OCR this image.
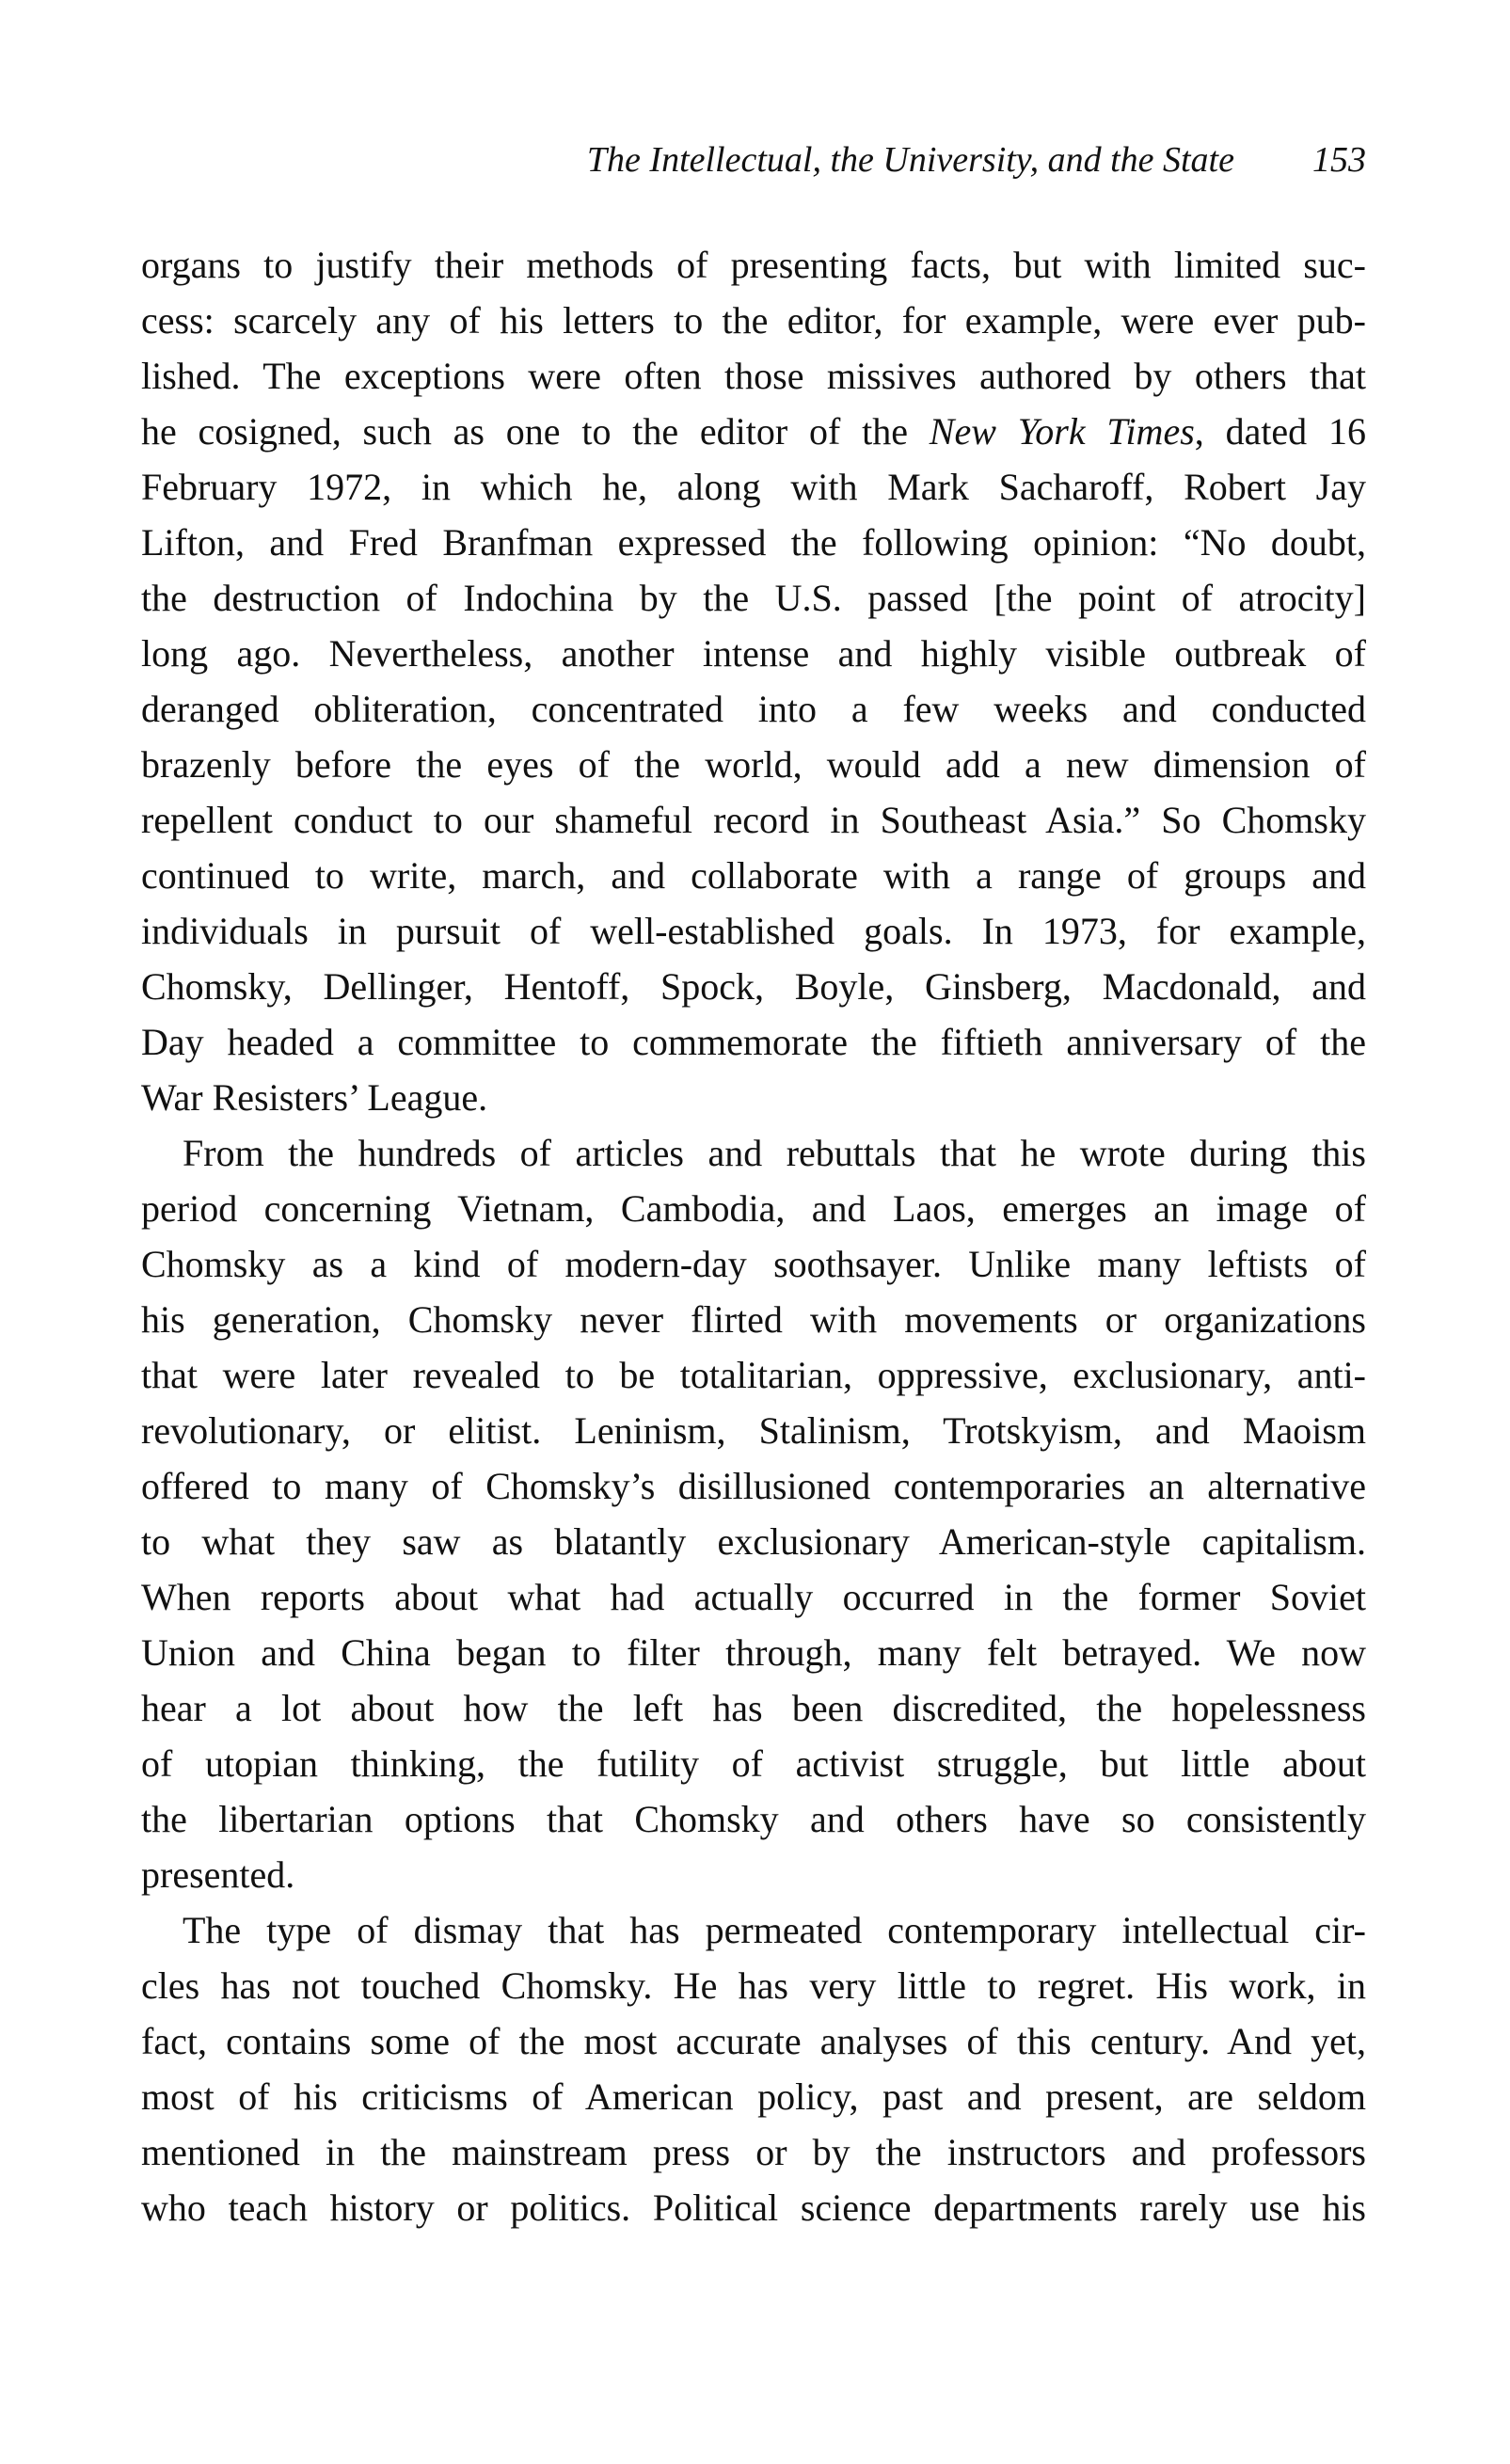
The Intellectual, the University, and the State 153
organs to justify their methods of presenting facts, but with limited suc-
cess: scarcely any of his letters to the editor, for example, were ever pub-
lished. The exceptions were often those missives authored by others that
he cosigned, such as one to the editor of the New York Times, dated 16
February 1972, in which he, along with Mark Sacharoff, Robert Jay
Lifton, and Fred Branfman expressed the following opinion: “No doubt,
the destruction of Indochina by the U.S. passed [the point of atrocity]
long ago. Nevertheless, another intense and highly visible outbreak of
deranged obliteration, concentrated into a few weeks and conducted
brazenly before the eyes of the world, would add a new dimension of
repellent conduct to our shameful record in Southeast Asia.” So Chomsky
continued to write, march, and collaborate with a range of groups and
individuals in pursuit of well-established goals. In 1973, for example,
Chomsky, Dellinger, Hentoff, Spock, Boyle, Ginsberg, Macdonald, and
Day headed a committee to commemorate the fiftieth anniversary of the
War Resisters’ League.
From the hundreds of articles and rebuttals that he wrote during this
period concerning Vietnam, Cambodia, and Laos, emerges an image of
Chomsky as a kind of modern-day soothsayer. Unlike many leftists of
his generation, Chomsky never flirted with movements or organizations
that were later revealed to be totalitarian, oppressive, exclusionary, anti-
revolutionary, or elitist. Leninism, Stalinism, Trotskyism, and Maoism
offered to many of Chomsky’s disillusioned contemporaries an alternative
to what they saw as blatantly exclusionary American-style capitalism.
When reports about what had actually occurred in the former Soviet
Union and China began to filter through, many felt betrayed. We now
hear a lot about how the left has been discredited, the hopelessness
of utopian thinking, the futility of activist struggle, but little about
the libertarian options that Chomsky and others have so consistently
presented.
The type of dismay that has permeated contemporary intellectual cir-
cles has not touched Chomsky. He has very little to regret. His work, in
fact, contains some of the most accurate analyses of this century. And yet,
most of his criticisms of American policy, past and present, are seldom
mentioned in the mainstream press or by the instructors and professors
who teach history or politics. Political science departments rarely use his
